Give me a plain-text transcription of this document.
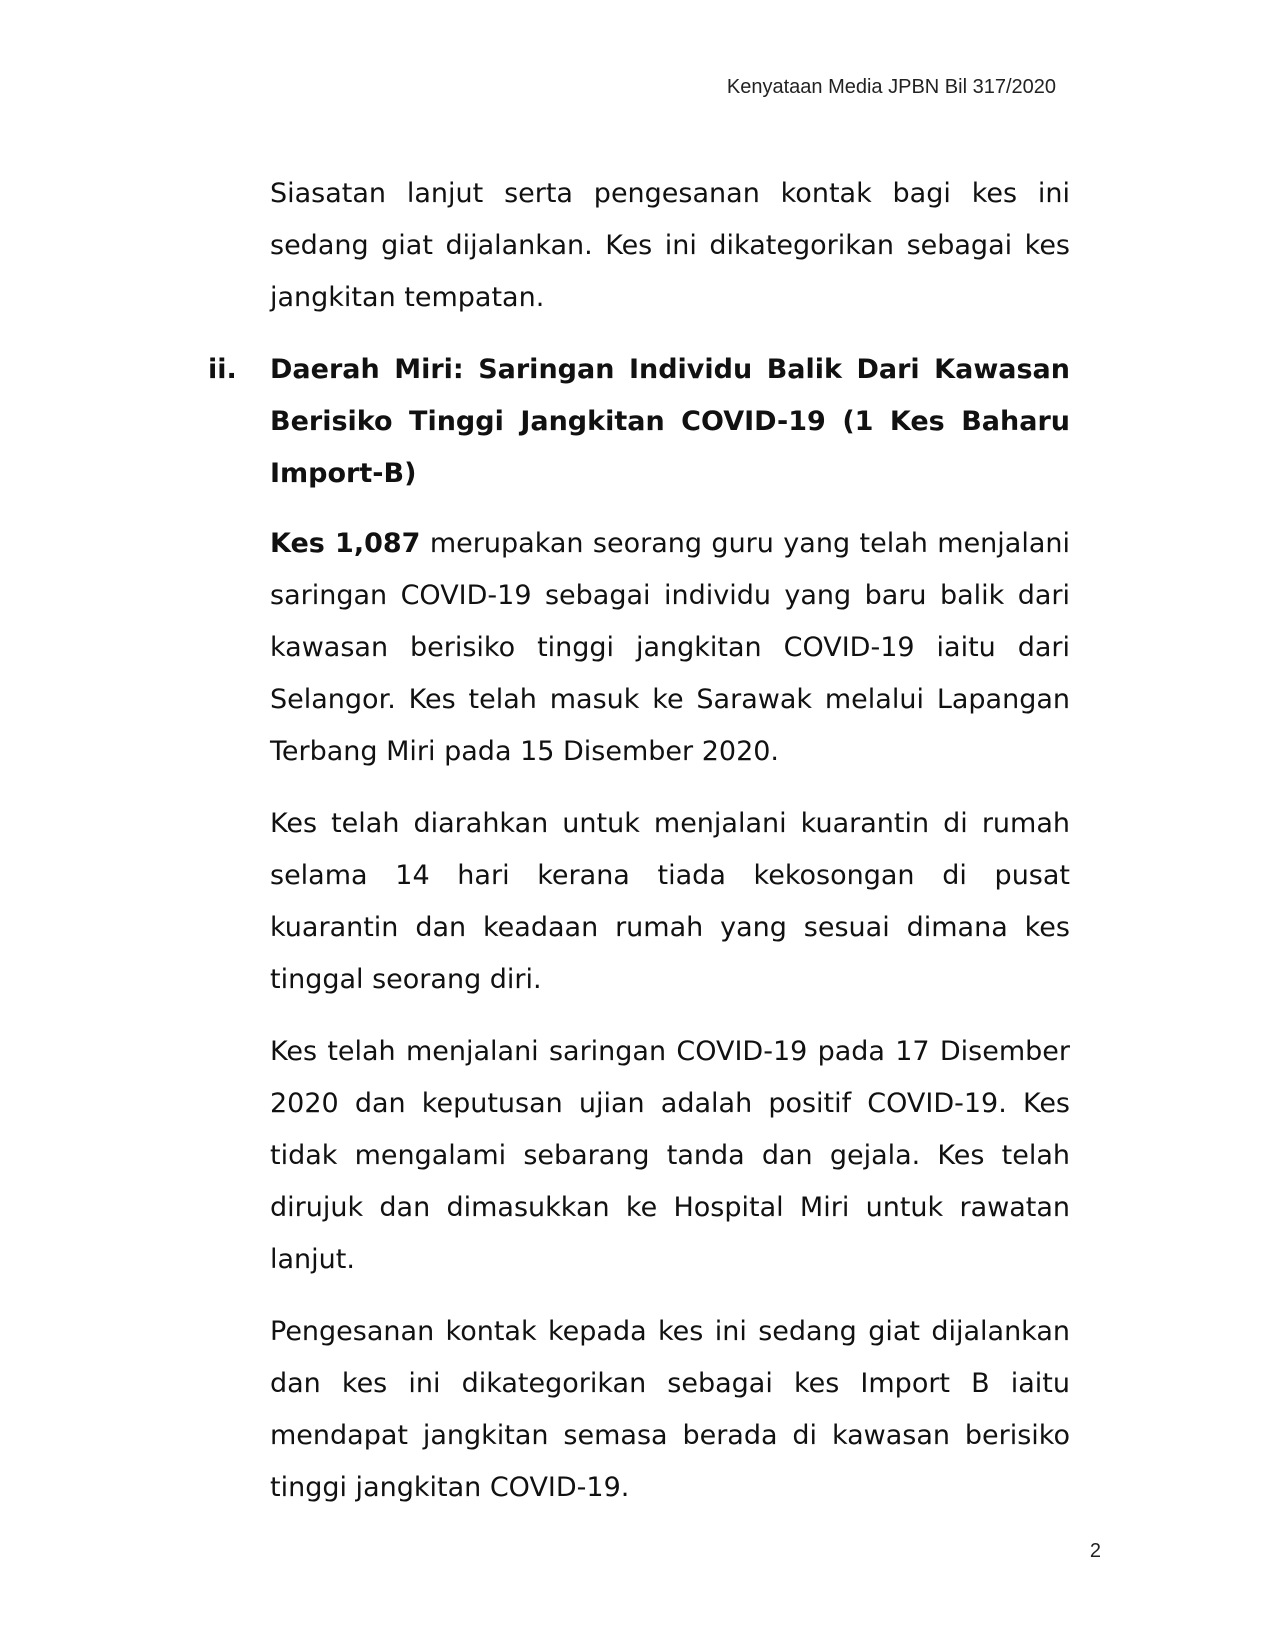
Kenyataan Media JPBN Bil 317/2020

Siasatan lanjut serta pengesanan kontak bagi kes ini sedang giat dijalankan. Kes ini dikategorikan sebagai kes jangkitan tempatan.

ii. Daerah Miri: Saringan Individu Balik Dari Kawasan Berisiko Tinggi Jangkitan COVID-19 (1 Kes Baharu Import-B)

Kes 1,087 merupakan seorang guru yang telah menjalani saringan COVID-19 sebagai individu yang baru balik dari kawasan berisiko tinggi jangkitan COVID-19 iaitu dari Selangor. Kes telah masuk ke Sarawak melalui Lapangan Terbang Miri pada 15 Disember 2020.

Kes telah diarahkan untuk menjalani kuarantin di rumah selama 14 hari kerana tiada kekosongan di pusat kuarantin dan keadaan rumah yang sesuai dimana kes tinggal seorang diri.

Kes telah menjalani saringan COVID-19 pada 17 Disember 2020 dan keputusan ujian adalah positif COVID-19. Kes tidak mengalami sebarang tanda dan gejala. Kes telah dirujuk dan dimasukkan ke Hospital Miri untuk rawatan lanjut.

Pengesanan kontak kepada kes ini sedang giat dijalankan dan kes ini dikategorikan sebagai kes Import B iaitu mendapat jangkitan semasa berada di kawasan berisiko tinggi jangkitan COVID-19.

2
